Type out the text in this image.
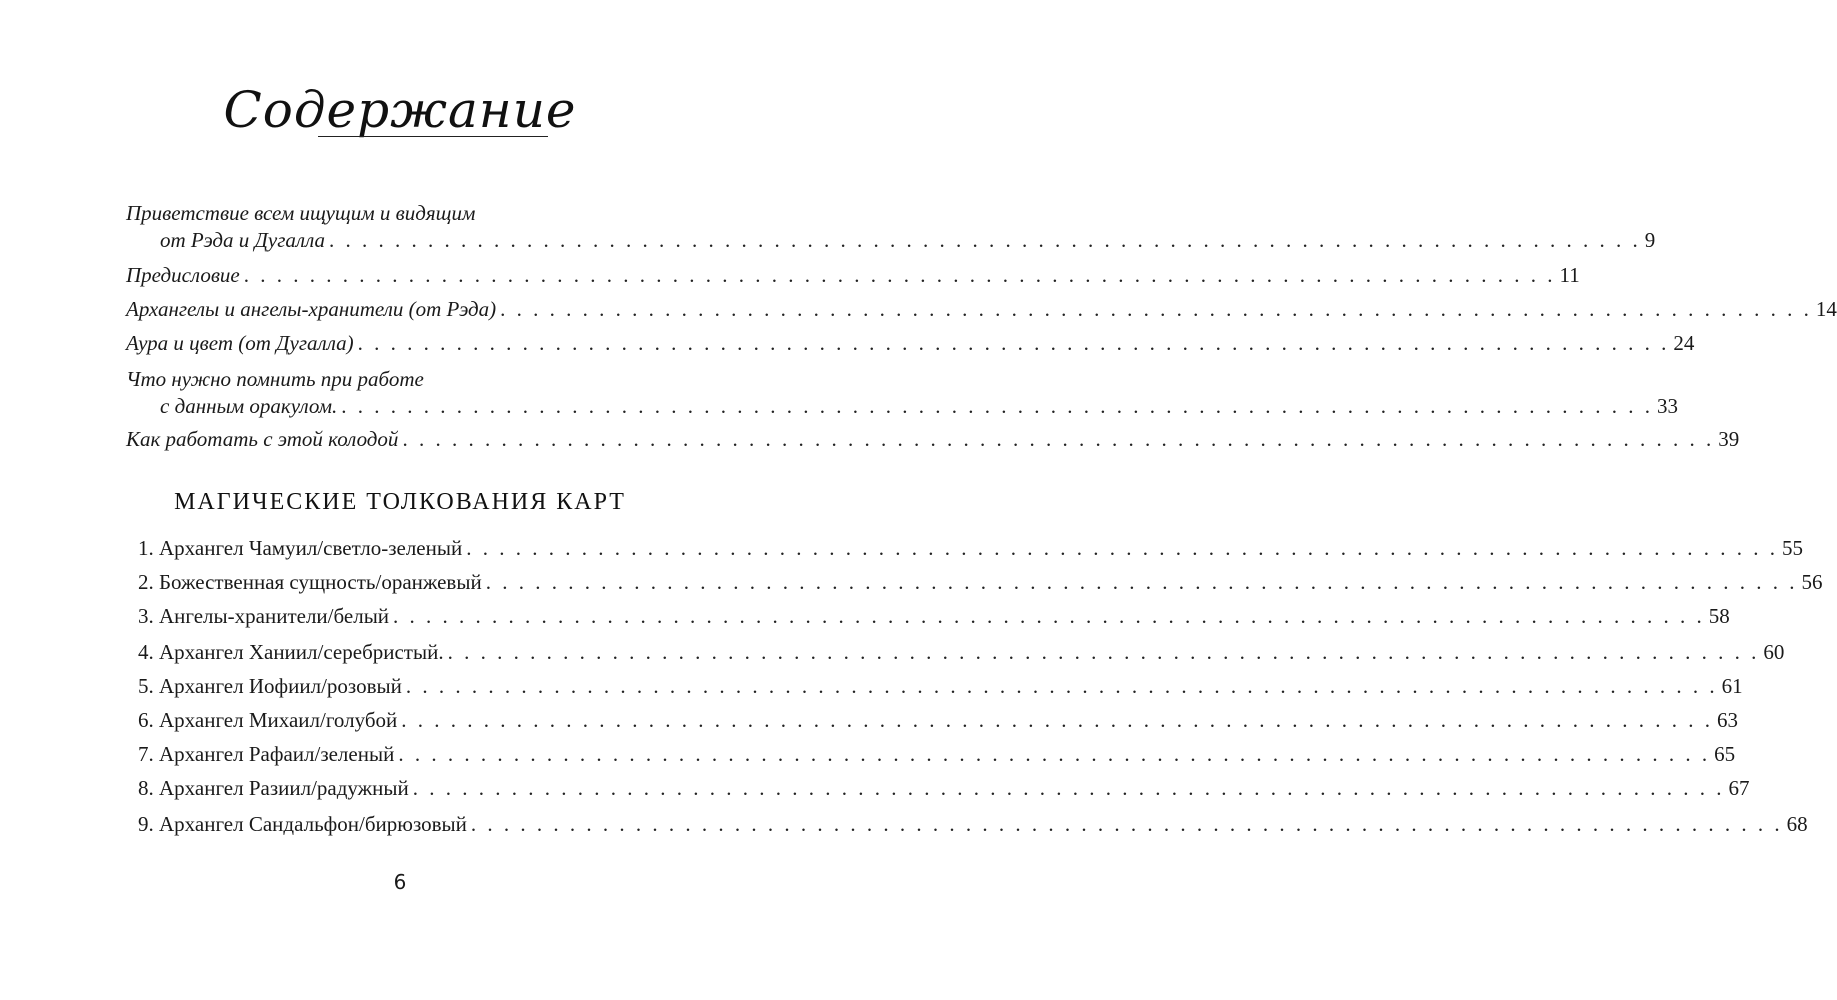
Содержание
Приветствие всем ищущим и видящим
от Рэда и Дугалла . . . . . . . . . . . . . . . . . . . . . . . . . . . . . . . . . . . . . . . . . . . . . . . . . . . . . . . . . . . . . . . . . . . . . . . . . . . . . . . . 9
Предисловие . . . . . . . . . . . . . . . . . . . . . . . . . . . . . . . . . . . . . . . . . . . . . . . . . . . . . . . . . . . . . . . . . . . . . . . . . . . . . . . . 11
Архангелы и ангелы-хранители (от Рэда) . . . . . . . . . . . . . . . . . . . . . . . . . . . . . . . . . . . . . . . . . . . . . . . . . . . . . . . . . . . . . . . . . . . . . . . . . . . . . . . . 14
Аура и цвет (от Дугалла) . . . . . . . . . . . . . . . . . . . . . . . . . . . . . . . . . . . . . . . . . . . . . . . . . . . . . . . . . . . . . . . . . . . . . . . . . . . . . . . . 24
Что нужно помнить при работе
с данным оракулом. . . . . . . . . . . . . . . . . . . . . . . . . . . . . . . . . . . . . . . . . . . . . . . . . . . . . . . . . . . . . . . . . . . . . . . . . . . . . . . . . 33
Как работать с этой колодой . . . . . . . . . . . . . . . . . . . . . . . . . . . . . . . . . . . . . . . . . . . . . . . . . . . . . . . . . . . . . . . . . . . . . . . . . . . . . . . . 39
МАГИЧЕСКИЕ ТОЛКОВАНИЯ КАРТ
1. Архангел Чамуил/светло-зеленый . . . . . . . . . . . . . . . . . . . . . . . . . . . . . . . . . . . . . . . . . . . . . . . . . . . . . . . . . . . . . . . . . . . . . . . . . . . . . . . . 55
2. Божественная сущность/оранжевый . . . . . . . . . . . . . . . . . . . . . . . . . . . . . . . . . . . . . . . . . . . . . . . . . . . . . . . . . . . . . . . . . . . . . . . . . . . . . . . . 56
3. Ангелы-хранители/белый . . . . . . . . . . . . . . . . . . . . . . . . . . . . . . . . . . . . . . . . . . . . . . . . . . . . . . . . . . . . . . . . . . . . . . . . . . . . . . . . 58
4. Архангел Ханиил/серебристый. . . . . . . . . . . . . . . . . . . . . . . . . . . . . . . . . . . . . . . . . . . . . . . . . . . . . . . . . . . . . . . . . . . . . . . . . . . . . . . . . 60
5. Архангел Иофиил/розовый . . . . . . . . . . . . . . . . . . . . . . . . . . . . . . . . . . . . . . . . . . . . . . . . . . . . . . . . . . . . . . . . . . . . . . . . . . . . . . . . 61
6. Архангел Михаил/голубой . . . . . . . . . . . . . . . . . . . . . . . . . . . . . . . . . . . . . . . . . . . . . . . . . . . . . . . . . . . . . . . . . . . . . . . . . . . . . . . . 63
7. Архангел Рафаил/зеленый . . . . . . . . . . . . . . . . . . . . . . . . . . . . . . . . . . . . . . . . . . . . . . . . . . . . . . . . . . . . . . . . . . . . . . . . . . . . . . . . 65
8. Архангел Разиил/радужный . . . . . . . . . . . . . . . . . . . . . . . . . . . . . . . . . . . . . . . . . . . . . . . . . . . . . . . . . . . . . . . . . . . . . . . . . . . . . . . . 67
9. Архангел Сандальфон/бирюзовый . . . . . . . . . . . . . . . . . . . . . . . . . . . . . . . . . . . . . . . . . . . . . . . . . . . . . . . . . . . . . . . . . . . . . . . . . . . . . . . . 68
6
